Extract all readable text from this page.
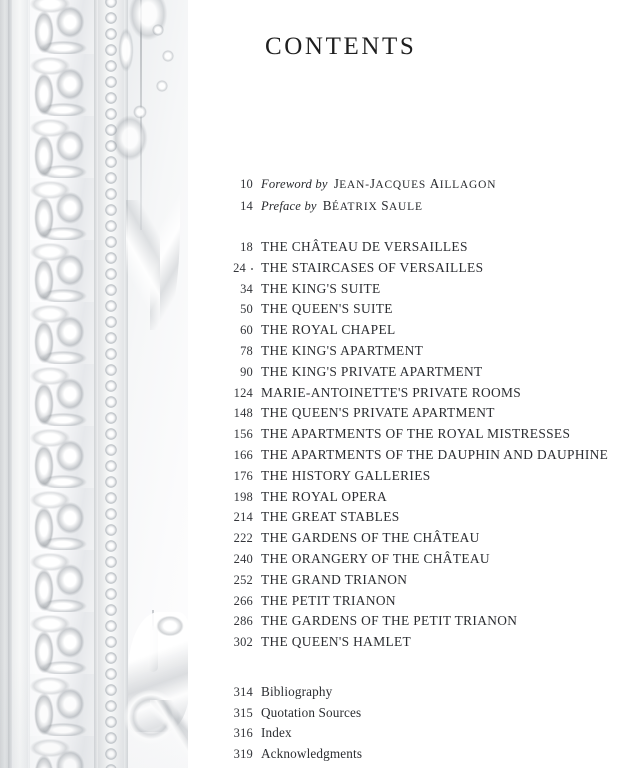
CONTENTS
10 Foreword by JEAN-JACQUES AILLAGON
14 Preface by BÉATRIX SAULE
18 THE CHÂTEAU DE VERSAILLES
24	THE STAIRCASES OF VERSAILLES
34 THE KING'S SUITE
50 THE QUEEN'S SUITE
60 THE ROYAL CHAPEL
78 THE KING'S APARTMENT
90 THE KING'S PRIVATE APARTMENT
124 MARIE-ANTOINETTE'S PRIVATE ROOMS
148 THE QUEEN'S PRIVATE APARTMENT
156 THE APARTMENTS OF THE ROYAL MISTRESSES
166 THE APARTMENTS OF THE DAUPHIN AND DAUPHINE
176 THE HISTORY GALLERIES
198 THE ROYAL OPERA
214 THE GREAT STABLES
222 THE GARDENS OF THE CHÂTEAU
240 THE ORANGERY OF THE CHÂTEAU
252 THE GRAND TRIANON
266 THE PETIT TRIANON
286 THE GARDENS OF THE PETIT TRIANON
302 THE QUEEN'S HAMLET
314 Bibliography
315 Quotation Sources
316 Index
319 Acknowledgments
